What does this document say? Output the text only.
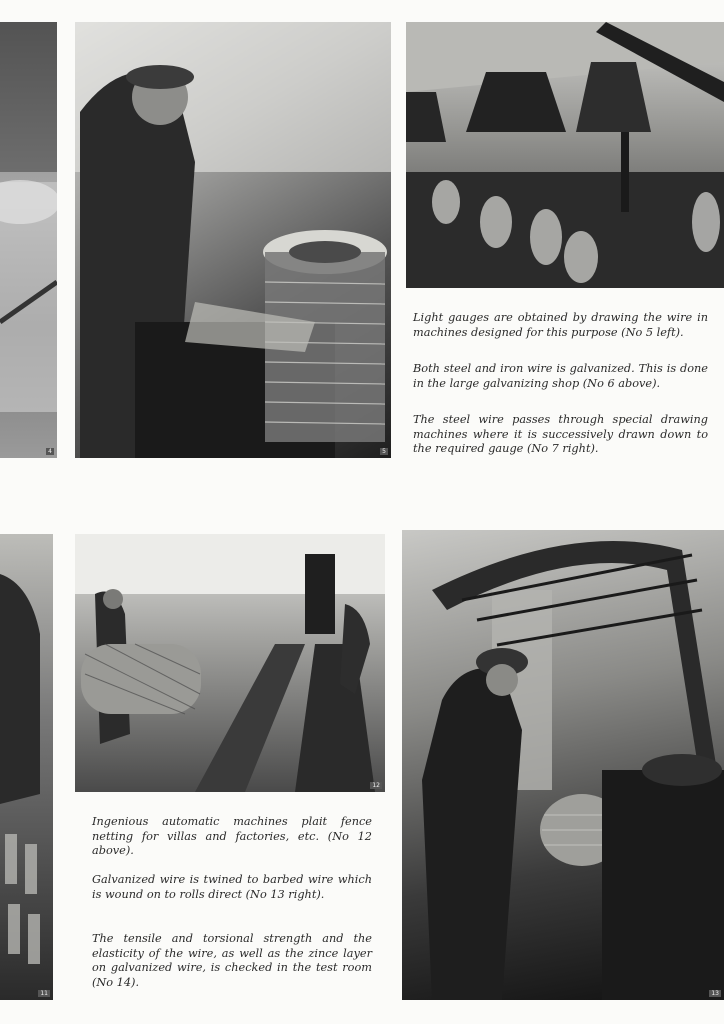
4	5

Light gauges are obtained by drawing the wire in machines designed for this purpose (No 5 left).

Both steel and iron wire is galvanized. This is done in the large galvanizing shop (No 6 above).

The steel wire passes through special drawing machines where it is successively drawn down to the required gauge (No 7 right).

11
12

Ingenious automatic machines plait fence netting for villas and factories, etc. (No 12 above).

Galvanized wire is twined to barbed wire which is wound on to rolls direct (No 13 right).

The tensile and torsional strength and the elasticity of the wire, as well as the zince layer on galvanized wire, is checked in the test room (No 14).

13
